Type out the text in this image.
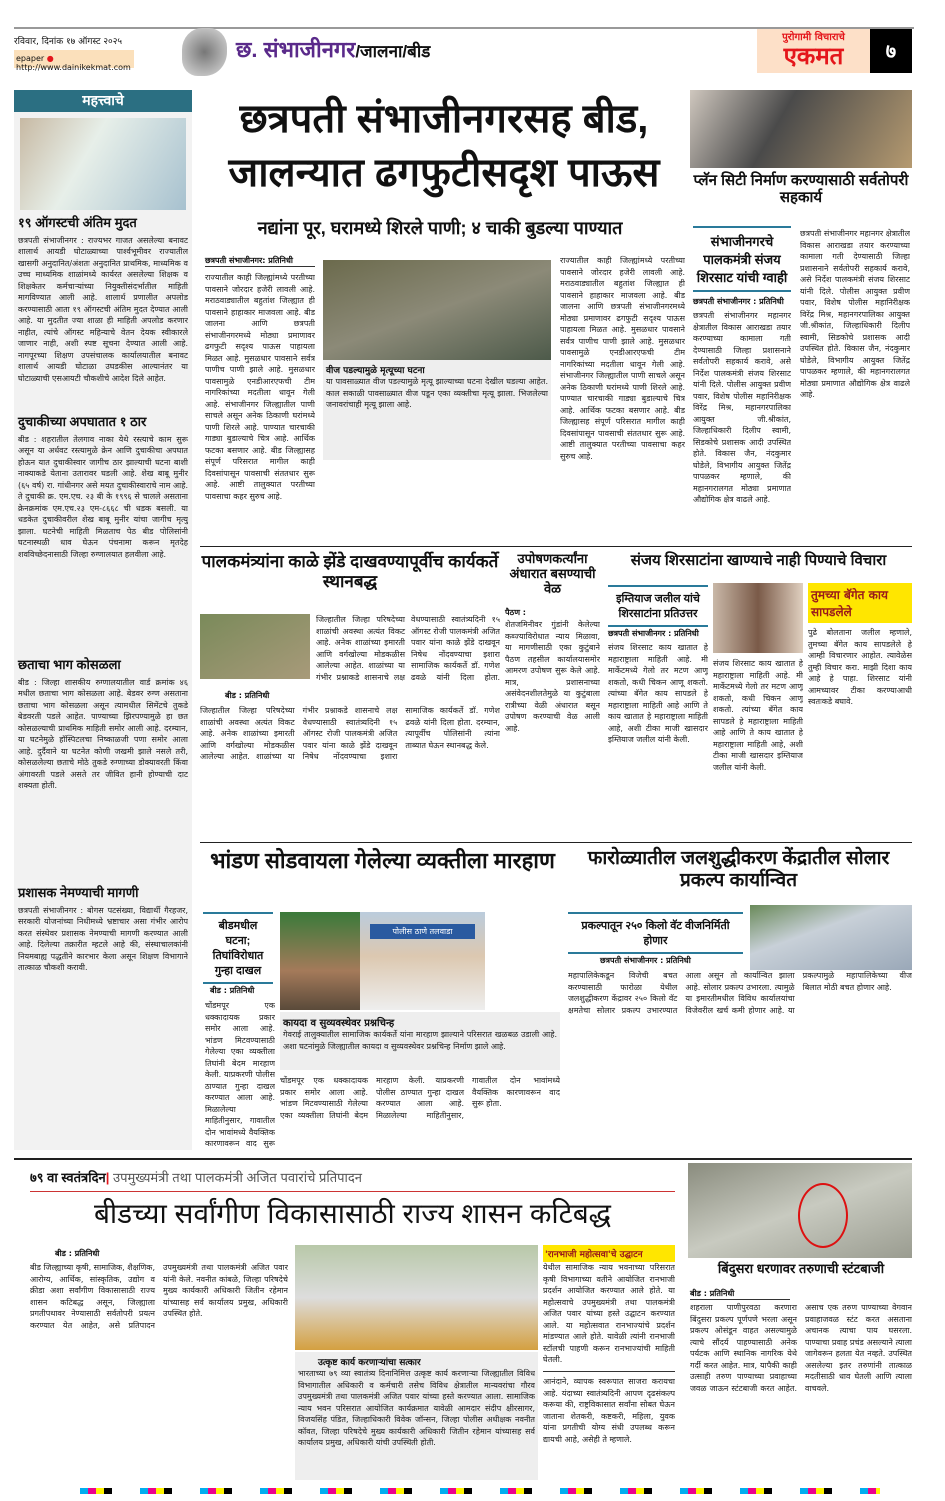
रविवार, दिनांक १७ ऑगस्ट २०२५
epaper ● http://www.dainikekmat.com
छ. संभाजीनगर/जालना/बीड
पुरोगामी विचाराचे
एकमत	७
महत्त्वाचे
१९ ऑगस्टची अंतिम मुदत
छत्रपती संभाजीनगर : राज्यभर गाजत असलेल्या बनावट शालार्थ आयडी घोटाळ्याच्या पार्श्वभूमीवर राज्यातील खासगी अनुदानित/अंशतः अनुदानित प्राथमिक, माध्यमिक व उच्च माध्यमिक शाळांमध्ये कार्यरत असलेल्या शिक्षक व शिक्षकेतर कर्मचाऱ्यांच्या नियुक्तीसंदर्भातील माहिती मागविण्यात आली आहे. शालार्थ प्रणालीत अपलोड करण्यासाठी आता १९ ऑगस्टची अंतिम मुदत देण्यात आली आहे. या मुदतीत ज्या शाळा ही माहिती अपलोड करणार नाहीत, त्यांचे ऑगस्ट महिन्याचे वेतन देयक स्वीकारले जाणार नाही, अशी स्पष्ट सूचना देण्यात आली आहे. नागपूरच्या शिक्षण उपसंचालक कार्यालयातील बनावट शालार्थ आयडी घोटाळा उघडकीस आल्यानंतर या घोटाळ्याची एसआयटी चौकशीचे आदेश दिले आहेत.
दुचाकीच्या अपघातात १ ठार
बीड : शहरातील तेलगाव नाका येथे रस्त्याचे काम सुरू असून या अर्धवट रस्त्यामुळे क्रेन आणि दुचाकीचा अपघात होऊन यात दुचाकीस्वार जागीच ठार झाल्याची घटना बाशी नाक्याकडे येताना उतारावर घडली आहे. शेख बाबू मुनीर (६५ वर्ष) रा. गांधीनगर असे मयत दुचाकीस्वाराचे नाम आहे. ते दुचाकी क्र. एम.एच. २३ बी के १९९६ से चालले असताना क्रेनक्रमांक एम.एच.२३ एम-८६६८ ची धडक बसली. या धडकेत दुचाकीवरील शेख बाबू मुनीर यांचा जागीच मृत्यु झाला. घटनेची माहिती मिळताच पेठ बीड पोलिसांनी घटनास्थळी धाव घेऊन पंचनामा करून मृतदेह शवविच्छेदनासाठी जिल्हा रुग्णालयात हलवीला आहे.
छताचा भाग कोसळला
बीड : जिल्हा शासकीय रुग्णालयातील वार्ड क्रमांक ४६ मधील छताचा भाग कोसळला आहे. बेडवर रुग्ण असताना छताचा भाग कोसळला असून त्यामधील सिमेंटचे तुकडे बेडवरती पडले आहेत. पाण्याच्या झिरपण्यामुळे हा छत कोसळल्याची प्राथमिक माहिती समोर आली आहे. दरम्यान, या घटनेमुळे हॉस्पिटलचा निष्काळजी पणा समोर आला आहे. दुर्दैवाने या घटनेत कोणी जखमी झाले नसले तरी, कोसळलेल्या छताचे मोठे तुकडे रुग्णाच्या डोक्यावरती किंवा अंगावरती पडले असते तर जीवित हानी होण्याची दाट शक्यता होती.
प्रशासक नेमण्याची मागणी
छत्रपती संभाजीनगर : बोगस पटसंख्या, विद्यार्थी गैरहजर, सरकारी योजनांच्या निधीमध्ये भ्रष्टाचार असा गंभीर आरोप करत संस्थेवर प्रशासक नेमण्याची मागणी करण्यात आली आहे. दिलेल्या तक्रारीत म्हटले आहे की, संस्थाचालकांनी नियमबाह्य पद्धतीने कारभार केला असून शिक्षण विभागाने तात्काळ चौकशी करावी.
छत्रपती संभाजीनगरसह बीड,
जालन्यात ढगफुटीसदृश पाऊस
नद्यांना पूर, घरामध्ये शिरले पाणी; ४ चाकी बुडल्या पाण्यात
छत्रपती संभाजीनगर: प्रतिनिधी
राज्यातील काही जिल्ह्यांमध्ये परतीच्या पावसाने जोरदार हजेरी लावली आहे. मराठवाड्यातील बहुतांश जिल्ह्यात ही पावसाने हाहाकार माजवला आहे. बीड जालना आणि छत्रपती संभाजीनगरमध्ये मोठ्या प्रमाणावर ढगफुटी सदृश्य पाऊस पाहायला मिळत आहे. मुसळधार पावसाने सर्वत्र पाणीच पाणी झाले आहे. मुसळधार पावसामुळे एनडीआरएफची टीम नागरिकांच्या मदतीला धावून गेली आहे. संभाजीनगर जिल्ह्यातील पाणी साचले असून अनेक ठिकाणी घरांमध्ये पाणी शिरले आहे. पाण्यात चारचाकी गाड्या बुडाल्याचे चित्र आहे. आर्थिक फटका बसणार आहे. बीड जिल्ह्यासह संपूर्ण परिसरात मागील काही दिवसांपासून पावसाची संततधार सुरू आहे. आष्टी तालुक्यात परतीच्या पावसाचा कहर सुरुच आहे.
वीज पडल्यामुळे मृत्यूच्या घटना
या पावसाळ्यात वीज पडल्यामुळे मृत्यू झाल्याच्या घटना देखील घडल्या आहेत. काल सकाळी पावसाळ्यात वीज पडून एका व्यक्तीचा मृत्यू झाला. भिजलेल्या जनावरांचाही मृत्यू झाला आहे.
राज्यातील काही जिल्ह्यांमध्ये परतीच्या पावसाने जोरदार हजेरी लावली आहे. मराठवाड्यातील बहुतांश जिल्ह्यात ही पावसाने हाहाकार माजवला आहे. बीड जालना आणि छत्रपती संभाजीनगरमध्ये मोठ्या प्रमाणावर ढगफुटी सदृश्य पाऊस पाहायला मिळत आहे. मुसळधार पावसाने सर्वत्र पाणीच पाणी झाले आहे. मुसळधार पावसामुळे एनडीआरएफची टीम नागरिकांच्या मदतीला धावून गेली आहे. संभाजीनगर जिल्ह्यातील पाणी साचले असून अनेक ठिकाणी घरांमध्ये पाणी शिरले आहे. पाण्यात चारचाकी गाड्या बुडाल्याचे चित्र आहे. आर्थिक फटका बसणार आहे. बीड जिल्ह्यासह संपूर्ण परिसरात मागील काही दिवसांपासून पावसाची संततधार सुरू आहे. आष्टी तालुक्यात परतीच्या पावसाचा कहर सुरुच आहे.
प्लॅन सिटी निर्माण करण्यासाठी सर्वतोपरी सहकार्य
संभाजीनगरचे पालकमंत्री संजय शिरसाट यांची ग्वाही
छत्रपती संभाजीनगर : प्रतिनिधी
छत्रपती संभाजीनगर महानगर क्षेत्रातील विकास आराखडा तयार करण्याच्या कामाला गती देण्यासाठी जिल्हा प्रशासनाने सर्वतोपरी सहकार्य करावे, असे निर्देश पालकमंत्री संजय शिरसाट यांनी दिले. पोलीस आयुक्त प्रवीण पवार, विशेष पोलीस महानिरीक्षक विरेंद्र मिश्र, महानगरपालिका आयुक्त जी.श्रीकांत, जिल्हाधिकारी दिलीप स्वामी, सिडकोचे प्रशासक आदी उपस्थित होते. विकास जैन, नंदकुमार घोडेले, विभागीय आयुक्त जितेंद्र पापळकर म्हणाले, की महानगरालगत मोठ्या प्रमाणात औद्योगिक क्षेत्र वाढले आहे.
छत्रपती संभाजीनगर महानगर क्षेत्रातील विकास आराखडा तयार करण्याच्या कामाला गती देण्यासाठी जिल्हा प्रशासनाने सर्वतोपरी सहकार्य करावे, असे निर्देश पालकमंत्री संजय शिरसाट यांनी दिले. पोलीस आयुक्त प्रवीण पवार, विशेष पोलीस महानिरीक्षक विरेंद्र मिश्र, महानगरपालिका आयुक्त जी.श्रीकांत, जिल्हाधिकारी दिलीप स्वामी, सिडकोचे प्रशासक आदी उपस्थित होते. विकास जैन, नंदकुमार घोडेले, विभागीय आयुक्त जितेंद्र पापळकर म्हणाले, की महानगरालगत मोठ्या प्रमाणात औद्योगिक क्षेत्र वाढले आहे.
पालकमंत्र्यांना काळे झेंडे दाखवण्यापूर्वीच कार्यकर्ते स्थानबद्ध
बीड : प्रतिनिधी
जिल्हातील जिल्हा परिषदेच्या शाळांची अवस्था अत्यंत विकट आहे. अनेक शाळांच्या इमारती आणि वर्गखोल्या मोडकळीस आलेल्या आहेत. शाळांच्या या गंभीर प्रश्नाकडे शासनाचे लक्ष वेधण्यासाठी स्वातंत्र्यदिनी १५ ऑगस्ट रोजी पालकमंत्री अजित पवार यांना काळे झेंडे दाखवून निषेध नोंदवण्याचा इशारा सामाजिक कार्यकर्ते डॉ. गणेश ढवळे यांनी दिला होता. दरम्यान, त्यापूर्वीच पोलिसांनी त्यांना ताब्यात घेऊन स्थानबद्ध केले.
जिल्हातील जिल्हा परिषदेच्या शाळांची अवस्था अत्यंत विकट आहे. अनेक शाळांच्या इमारती आणि वर्गखोल्या मोडकळीस आलेल्या आहेत. शाळांच्या या गंभीर प्रश्नाकडे शासनाचे लक्ष वेधण्यासाठी स्वातंत्र्यदिनी १५ ऑगस्ट रोजी पालकमंत्री अजित पवार यांना काळे झेंडे दाखवून निषेध नोंदवण्याचा इशारा सामाजिक कार्यकर्ते डॉ. गणेश ढवळे यांनी दिला होता.
उपोषणकर्त्यांना अंधारात बसण्याची वेळ
पैठण :
शेतजमिनीवर गुंडांनी केलेल्या कब्ज्याविरोधात न्याय मिळावा, या मागणीसाठी एका कुटुंबाने पैठण तहसील कार्यालयासमोर आमरण उपोषण सुरू केले आहे. मात्र, प्रशासनाच्या असंवेदनशीलतेमुळे या कुटुंबाला रात्रीच्या वेळी अंधारात बसून उपोषण करण्याची वेळ आली आहे.
संजय शिरसाटांना खाण्याचे नाही पिण्याचे विचारा
इम्तियाज जलील यांचे शिरसाटांना प्रतिउत्तर
छत्रपती संभाजीनगर : प्रतिनिधी
संजय शिरसाट काय खातात हे महाराष्ट्राला माहिती आहे. मी मार्केटमध्ये गेलो तर मटण आणू शकतो, कधी चिकन आणू शकतो. त्यांच्या बॅगेत काय सापडले हे महाराष्ट्राला माहिती आहे आणि ते काय खातात हे महाराष्ट्राला माहिती आहे, अशी टीका माजी खासदार इम्तियाज जलील यांनी केली.
संजय शिरसाट काय खातात हे महाराष्ट्राला माहिती आहे. मी मार्केटमध्ये गेलो तर मटण आणू शकतो, कधी चिकन आणू शकतो. त्यांच्या बॅगेत काय सापडले हे महाराष्ट्राला माहिती आहे आणि ते काय खातात हे महाराष्ट्राला माहिती आहे, अशी टीका माजी खासदार इम्तियाज जलील यांनी केली.
तुमच्या बॅगेत काय सापडलेले
पुढे बोलताना जलील म्हणाले, तुमच्या बॅगेत काय सापडलेले हे आम्ही विचारणार आहोत. त्यावेळेस तुम्ही विचार करा. माझी दिशा काय आहे हे पाहा. शिरसाट यांनी आमच्यावर टीका करण्याआधी स्वतःकडे बघावे.
भांडण सोडवायला गेलेल्या व्यक्तीला मारहाण
बीडमधील घटना; तिघांविरोधात गुन्हा दाखल
बीड : प्रतिनिधी
पोलीस ठाणे तलवाडा
कायदा व सुव्यवस्थेवर प्रश्नचिन्ह
गेवराई तालुक्यातील सामाजिक कार्यकर्ते यांना मारहाण झाल्याने परिसरात खळबळ उडाली आहे. अशा घटनांमुळे जिल्ह्यातील कायदा व सुव्यवस्थेवर प्रश्नचिन्ह निर्माण झाले आहे.
चोंडमपूर एक धक्कादायक प्रकार समोर आला आहे. भांडण मिटवण्यासाठी गेलेल्या एका व्यक्तीला तिघांनी बेदम मारहाण केली. याप्रकरणी पोलीस ठाण्यात गुन्हा दाखल करण्यात आला आहे. मिळालेल्या माहितीनुसार, गावातील दोन भावांमध्ये वैयक्तिक कारणावरून वाद सुरू
चोंडमपूर एक धक्कादायक प्रकार समोर आला आहे. भांडण मिटवण्यासाठी गेलेल्या एका व्यक्तीला तिघांनी बेदम मारहाण केली. याप्रकरणी पोलीस ठाण्यात गुन्हा दाखल करण्यात आला आहे. मिळालेल्या माहितीनुसार, गावातील दोन भावांमध्ये वैयक्तिक कारणावरून वाद सुरू होता.
फारोळ्यातील जलशुद्धीकरण केंद्रातील सोलार प्रकल्प कार्यान्वित
प्रकल्पातून २५० किलो वॅट वीजनिर्मिती होणार
छत्रपती संभाजीनगर : प्रतिनिधी
महापालिकेकडून विजेची बचत करण्यासाठी फारोळा येथील जलशुद्धीकरण केंद्रावर २५० किलो वॅट क्षमतेचा सोलार प्रकल्प उभारण्यात आला असून तो कार्यान्वित झाला आहे. सोलार प्रकल्प उभारला. त्यामुळे या इमारतीमधील विविध कार्यालयांचा विजेवरील खर्च कमी होणार आहे. या प्रकल्पामुळे महापालिकेच्या वीज बिलात मोठी बचत होणार आहे.
७९ वा स्वतंत्रदिन| उपमुख्यमंत्री तथा पालकमंत्री अजित पवारांचे प्रतिपादन
बीडच्या सर्वांगीण विकासासाठी राज्य शासन कटिबद्ध
बीड : प्रतिनिधी
बीड जिल्ह्याच्या कृषी, सामाजिक, शैक्षणिक, आरोग्य, आर्थिक, सांस्कृतिक, उद्योग व क्रीडा अशा सर्वांगीण विकासासाठी राज्य शासन कटिबद्ध असून, जिल्ह्याला प्रगतीपथावर नेण्यासाठी सर्वतोपरी प्रयत्न करण्यात येत आहेत, असे प्रतिपादन उपमुख्यमंत्री तथा पालकमंत्री अजित पवार यांनी केले. नवनीत कांबळे, जिल्हा परिषदेचे मुख्य कार्यकारी अधिकारी जितीन रहेमान यांच्यासह सर्व कार्यालय प्रमुख, अधिकारी उपस्थित होते.
उत्कृष्ट कार्य करणाऱ्यांचा सत्कार
भारताच्या ७९ व्या स्वातंत्र्य दिनानिमित्त उत्कृष्ट कार्य करणाऱ्या जिल्ह्यातील विविध विभागातील अधिकारी व कर्मचारी तसेच विविध क्षेत्रातील मान्यवरांचा गौरव उपमुख्यमंत्री तथा पालकमंत्री अजित पवार यांच्या हस्ते करण्यात आला. सामाजिक न्याय भवन परिसरात आयोजित कार्यक्रमात यावेळी आमदार संदीप क्षीरसागर, विजयसिंह पंडित, जिल्हाधिकारी विवेक जॉन्सन, जिल्हा पोलीस अधीक्षक नवनीत कॉवत, जिल्हा परिषदेचे मुख्य कार्यकारी अधिकारी जितीन रहेमान यांच्यासह सर्व कार्यालय प्रमुख, अधिकारी यांची उपस्थिती होती.
'रानभाजी महोत्सवा'चे उद्घाटन
येथील सामाजिक न्याय भवनाच्या परिसरात कृषी विभागाच्या वतीने आयोजित रानभाजी प्रदर्शन आयोजित करण्यात आले होते. या महोत्सवाचे उपमुख्यमंत्री तथा पालकमंत्री अजित पवार यांच्या हस्ते उद्घाटन करण्यात आले. या महोत्सवात रानभाज्यांचे प्रदर्शन मांडण्यात आले होते. यावेळी त्यांनी रानभाजी स्टॉलची पाहणी करून रानभाज्यांची माहिती घेतली.
आनंदाने, व्यापक स्वरूपात साजरा करायचा आहे. यंदाच्या स्वातंत्र्यदिनी आपण दृढसंकल्प करूया की, राष्ट्रविकासात सर्वांना सोबत घेऊन जाताना शेतकरी, कष्टकरी, महिला, युवक यांना प्रगतीची योग्य संधी उपलब्ध करून द्यायची आहे, असेही ते म्हणाले.
बिंदुसरा धरणावर तरुणाची स्टंटबाजी
बीड : प्रतिनिधी
शहराला पाणीपुरवठा करणारा बिंदुसरा प्रकल्प पूर्णपणे भरला असून प्रकल्प ओसंडून वाहत असल्यामुळे त्याचे सौंदर्य पाहण्यासाठी अनेक पर्यटक आणि स्थानिक नागरिक येथे गर्दी करत आहेत. मात्र, यापैकी काही उत्साही तरुण पाण्याच्या प्रवाहाच्या जवळ जाऊन स्टंटबाजी करत आहेत. असाच एक तरुण पाण्याच्या वेगवान प्रवाहाजवळ स्टंट करत असताना अचानक त्याचा पाय घसरला. पाण्याचा प्रवाह प्रचंड असल्याने त्याला जागेवरून हलता येत नव्हते. उपस्थित असलेल्या इतर तरुणांनी तात्काळ मदतीसाठी धाव घेतली आणि त्याला वाचवले.
